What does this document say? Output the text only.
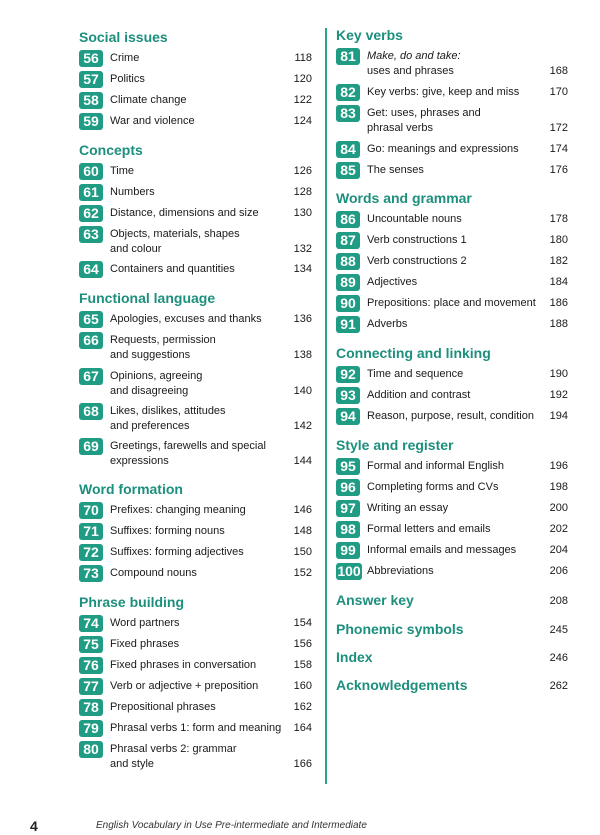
Social issues
56	Crime	118
57	Politics	120
58	Climate change	122
59	War and violence	124
Concepts
60	Time	126
61	Numbers	128
62	Distance, dimensions and size	130
63	Objects, materials, shapes
and colour	132
64	Containers and quantities	134
Functional language
65	Apologies, excuses and thanks	136
66	Requests, permission
and suggestions	138
67	Opinions, agreeing
and disagreeing	140
68	Likes, dislikes, attitudes
and preferences	142
69	Greetings, farewells and special
expressions	144
Word formation
70	Prefixes: changing meaning	146
71	Suffixes: forming nouns	148
72	Suffixes: forming adjectives	150
73	Compound nouns	152
Phrase building
74	Word partners	154
75	Fixed phrases	156
76	Fixed phrases in conversation	158
77	Verb or adjective + preposition	160
78	Prepositional phrases	162
79	Phrasal verbs 1: form and meaning 164
80	Phrasal verbs 2: grammar
and style	166
Key verbs
81	Make, do and take:
uses and phrases	168
82	Key verbs: give, keep and miss	170
83	Get: uses, phrases and
phrasal verbs	172
84	Go: meanings and expressions	174
85	The senses	176
Words and grammar
86	Uncountable nouns	178
87	Verb constructions 1	180
88	Verb constructions 2	182
89	Adjectives	184
90	Prepositions: place and movement 186
91	Adverbs	188
Connecting and linking
92	Time and sequence	190
93	Addition and contrast	192
94	Reason, purpose, result, condition 194
Style and register
95	Formal and informal English	196
96	Completing forms and CVs	198
97	Writing an essay	200
98	Formal letters and emails	202
99	Informal emails and messages	204
100 Abbreviations	206
Answer key	208
Phonemic symbols	245
Index	246
Acknowledgements	262
4	English Vocabulary in Use Pre-intermediate and Intermediate
